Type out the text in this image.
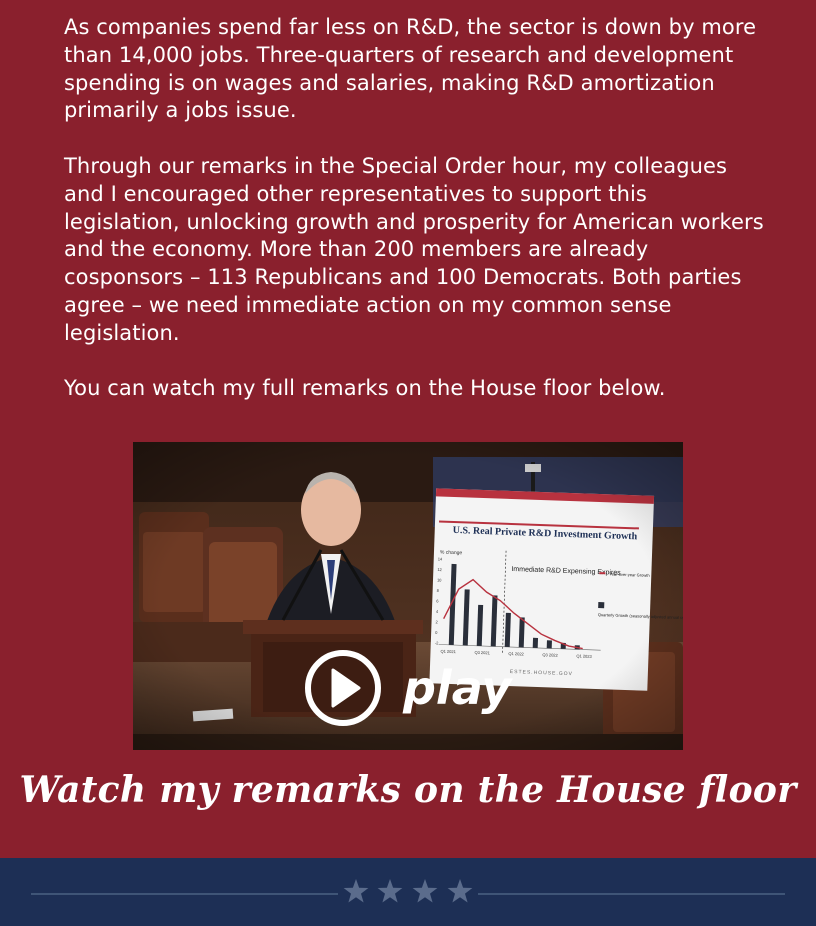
As companies spend far less on R&D, the sector is down by more than 14,000 jobs. Three-quarters of research and development spending is on wages and salaries, making R&D amortization primarily a jobs issue.

Through our remarks in the Special Order hour, my colleagues and I encouraged other representatives to support this legislation, unlocking growth and prosperity for American workers and the economy. More than 200 members are already cosponsors – 113 Republicans and 100 Democrats. Both parties agree – we need immediate action on my common sense legislation.

You can watch my full remarks on the House floor below.

play

Watch my remarks on the House floor
